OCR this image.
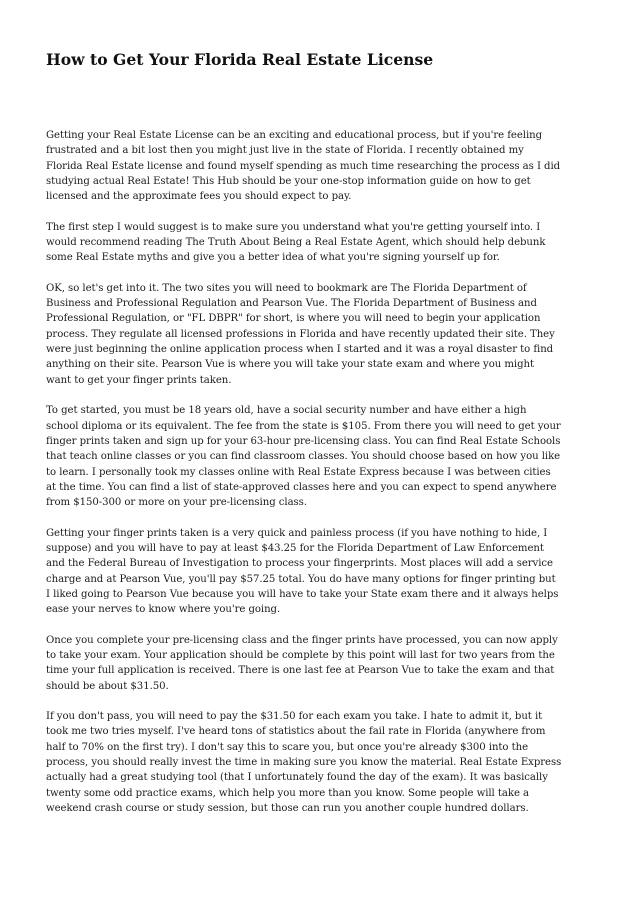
How to Get Your Florida Real Estate License

Getting your Real Estate License can be an exciting and educational process, but if you're feeling
frustrated and a bit lost then you might just live in the state of Florida. I recently obtained my
Florida Real Estate license and found myself spending as much time researching the process as I did
studying actual Real Estate! This Hub should be your one-stop information guide on how to get
licensed and the approximate fees you should expect to pay.

The first step I would suggest is to make sure you understand what you're getting yourself into. I
would recommend reading The Truth About Being a Real Estate Agent, which should help debunk
some Real Estate myths and give you a better idea of what you're signing yourself up for.

OK, so let's get into it. The two sites you will need to bookmark are The Florida Department of
Business and Professional Regulation and Pearson Vue. The Florida Department of Business and
Professional Regulation, or "FL DBPR" for short, is where you will need to begin your application
process. They regulate all licensed professions in Florida and have recently updated their site. They
were just beginning the online application process when I started and it was a royal disaster to find
anything on their site. Pearson Vue is where you will take your state exam and where you might
want to get your finger prints taken.

To get started, you must be 18 years old, have a social security number and have either a high
school diploma or its equivalent. The fee from the state is $105. From there you will need to get your
finger prints taken and sign up for your 63-hour pre-licensing class. You can find Real Estate Schools
that teach online classes or you can find classroom classes. You should choose based on how you like
to learn. I personally took my classes online with Real Estate Express because I was between cities
at the time. You can find a list of state-approved classes here and you can expect to spend anywhere
from $150-300 or more on your pre-licensing class.

Getting your finger prints taken is a very quick and painless process (if you have nothing to hide, I
suppose) and you will have to pay at least $43.25 for the Florida Department of Law Enforcement
and the Federal Bureau of Investigation to process your fingerprints. Most places will add a service
charge and at Pearson Vue, you'll pay $57.25 total. You do have many options for finger printing but
I liked going to Pearson Vue because you will have to take your State exam there and it always helps
ease your nerves to know where you're going.

Once you complete your pre-licensing class and the finger prints have processed, you can now apply
to take your exam. Your application should be complete by this point will last for two years from the
time your full application is received. There is one last fee at Pearson Vue to take the exam and that
should be about $31.50.

If you don't pass, you will need to pay the $31.50 for each exam you take. I hate to admit it, but it
took me two tries myself. I've heard tons of statistics about the fail rate in Florida (anywhere from
half to 70% on the first try). I don't say this to scare you, but once you're already $300 into the
process, you should really invest the time in making sure you know the material. Real Estate Express
actually had a great studying tool (that I unfortunately found the day of the exam). It was basically
twenty some odd practice exams, which help you more than you know. Some people will take a
weekend crash course or study session, but those can run you another couple hundred dollars.
